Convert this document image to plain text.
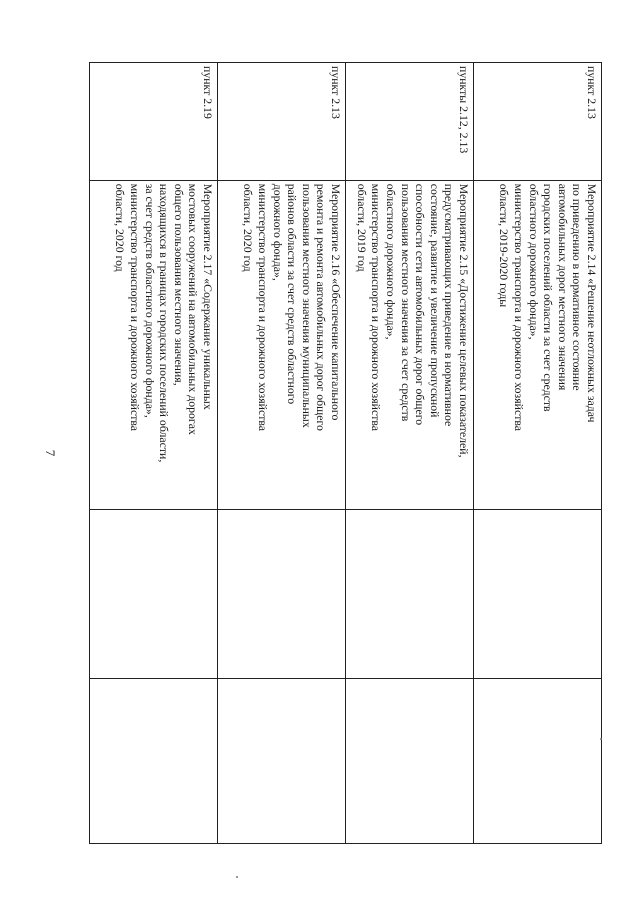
7

пункт 2.13

Мероприятие 2.14 «Решение неотложных задач

по приведению в нормативное состояние

автомобильных дорог местного значения

городских поселений области за счет средств

областного дорожного фонда»,

министерство транспорта и дорожного хозяйства

области, 2019-2020 годы

пункты 2.12, 2.13

Мероприятие 2.15 «Достижение целевых показателей,

предусматривающих приведение в нормативное

состояние, развитие и увеличение пропускной

способности сети автомобильных дорог общего

пользования местного значения за счет средств

областного дорожного фонда»,

министерство транспорта и дорожного хозяйства

области, 2019 год

пункт 2.13

Мероприятие 2.16 «Обеспечение капитального

ремонта и ремонта автомобильных дорог общего

пользования местного значения муниципальных

районов области за счет средств областного

дорожного фонда»,

министерство транспорта и дорожного хозяйства

области, 2020 год

пункт 2.19

Мероприятие 2.17 «Содержание уникальных

мостовых сооружений на автомобильных дорогах

общего пользования местного значения,

находящихся в границах городских поселений области,

за счет средств областного дорожного фонда»,

министерство транспорта и дорожного хозяйства

области, 2020 год
